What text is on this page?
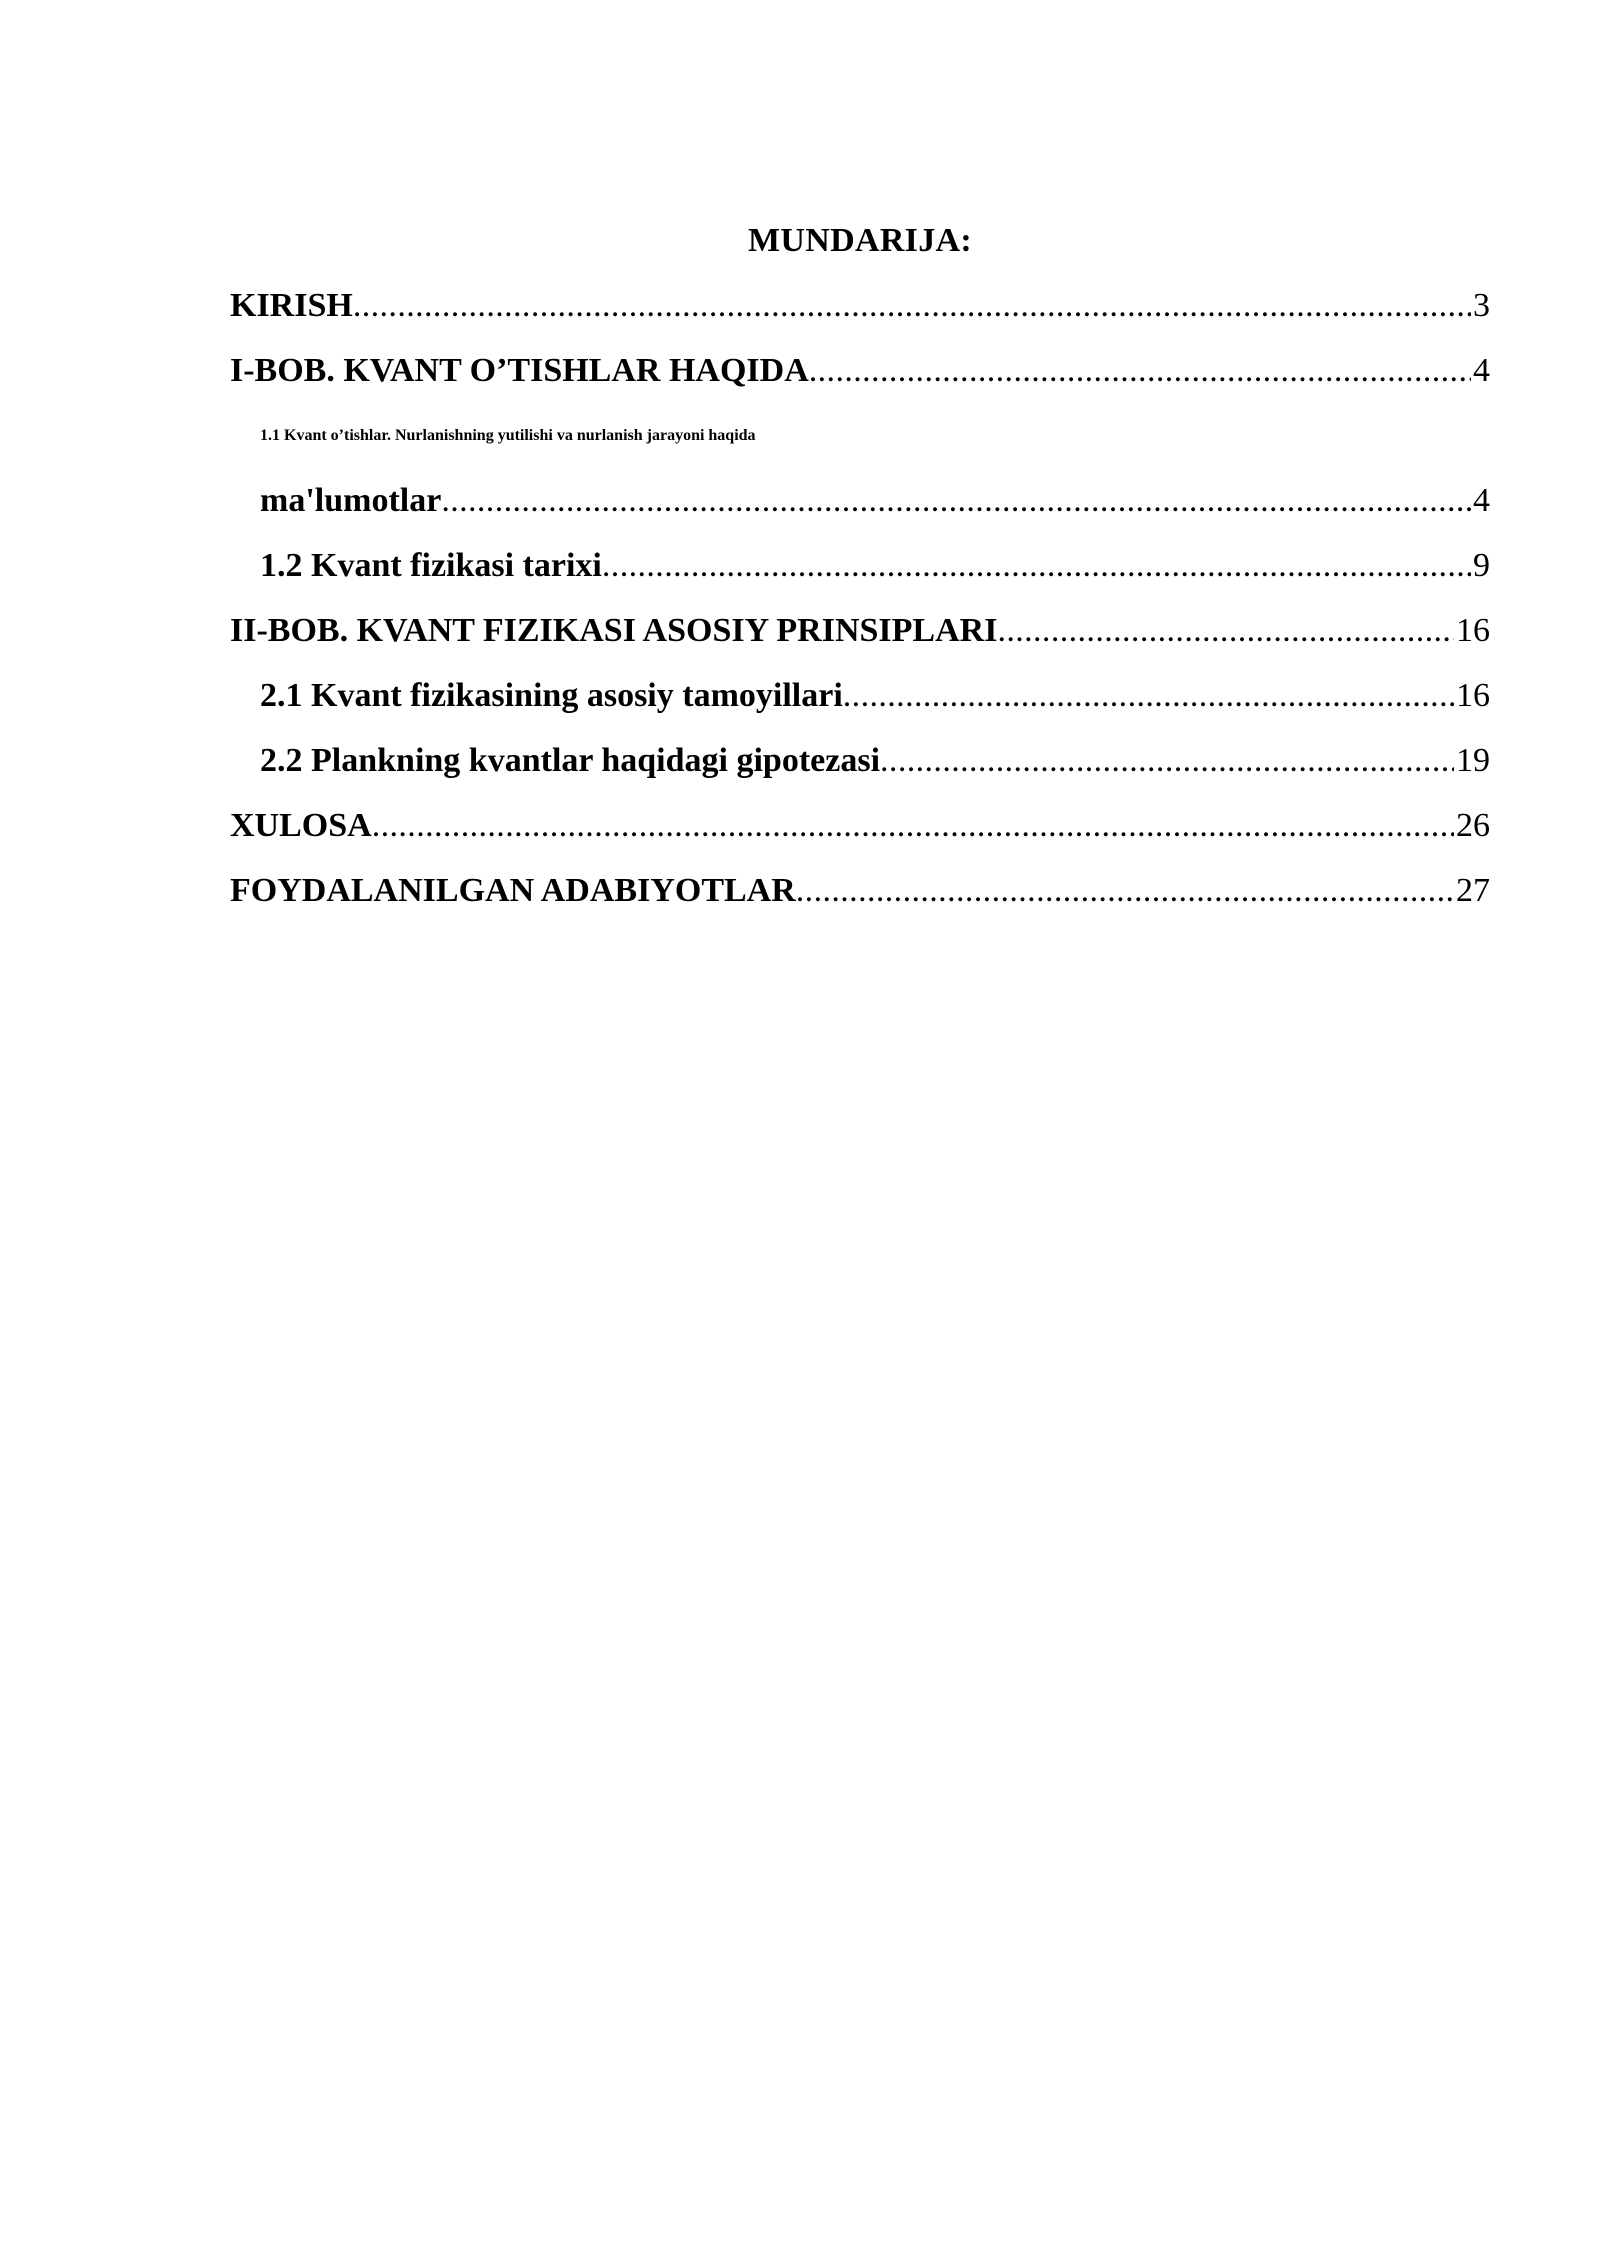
MUNDARIJA:
KIRISH .....	3
I-BOB. KVANT O’TISHLAR HAQIDA .....	4
1.1 Kvant o’tishlar. Nurlanishning yutilishi va nurlanish jarayoni haqida
ma'lumotlar .....	4
1.2 Kvant fizikasi tarixi .....	9
II-BOB. KVANT FIZIKASI ASOSIY PRINSIPLARI .....	16
2.1 Kvant fizikasining asosiy tamoyillari .....	16
2.2 Plankning kvantlar haqidagi gipotezasi .....	19
XULOSA .....	26
FOYDALANILGAN ADABIYOTLAR .....	27
